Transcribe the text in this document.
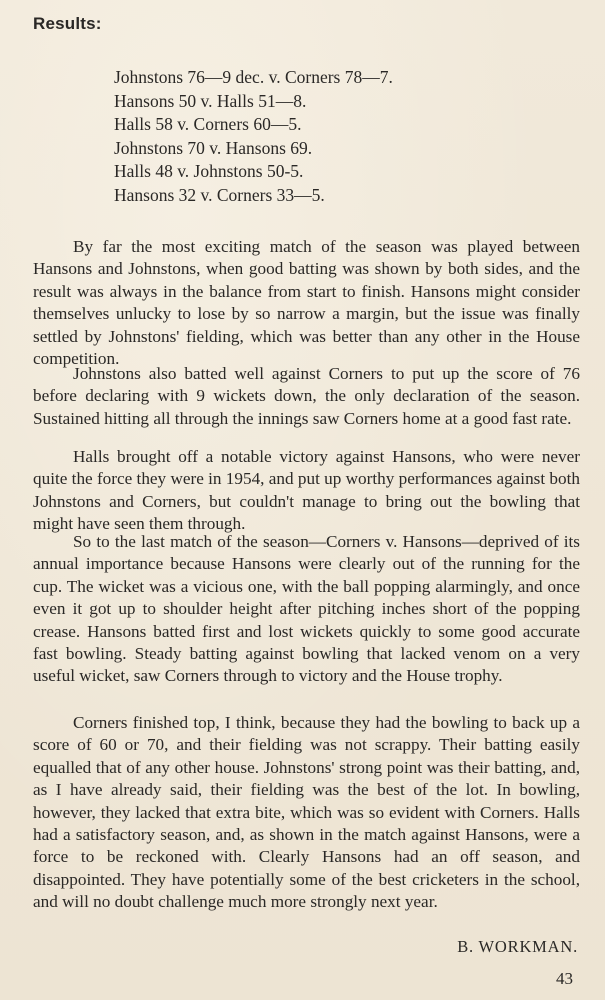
Results:
Johnstons 76—9 dec. v. Corners 78—7.
Hansons 50 v. Halls 51—8.
Halls 58 v. Corners 60—5.
Johnstons 70 v. Hansons 69.
Halls 48 v. Johnstons 50-5.
Hansons 32 v. Corners 33—5.

By far the most exciting match of the season was played between Hansons and Johnstons, when good batting was shown by both sides, and the result was always in the balance from start to finish. Hansons might consider themselves unlucky to lose by so narrow a margin, but the issue was finally settled by Johnstons' fielding, which was better than any other in the House competition.

Johnstons also batted well against Corners to put up the score of 76 before declaring with 9 wickets down, the only declaration of the season. Sustained hitting all through the innings saw Corners home at a good fast rate.

Halls brought off a notable victory against Hansons, who were never quite the force they were in 1954, and put up worthy performances against both Johnstons and Corners, but couldn't manage to bring out the bowling that might have seen them through.

So to the last match of the season—Corners v. Hansons—deprived of its annual importance because Hansons were clearly out of the running for the cup. The wicket was a vicious one, with the ball popping alarmingly, and once even it got up to shoulder height after pitching inches short of the popping crease. Hansons batted first and lost wickets quickly to some good accurate fast bowling. Steady batting against bowling that lacked venom on a very useful wicket, saw Corners through to victory and the House trophy.

Corners finished top, I think, because they had the bowling to back up a score of 60 or 70, and their fielding was not scrappy. Their batting easily equalled that of any other house. Johnstons' strong point was their batting, and, as I have already said, their fielding was the best of the lot. In bowling, however, they lacked that extra bite, which was so evident with Corners. Halls had a satisfactory season, and, as shown in the match against Hansons, were a force to be reckoned with. Clearly Hansons had an off season, and disappointed. They have potentially some of the best cricketers in the school, and will no doubt challenge much more strongly next year.

B. WORKMAN.
43
